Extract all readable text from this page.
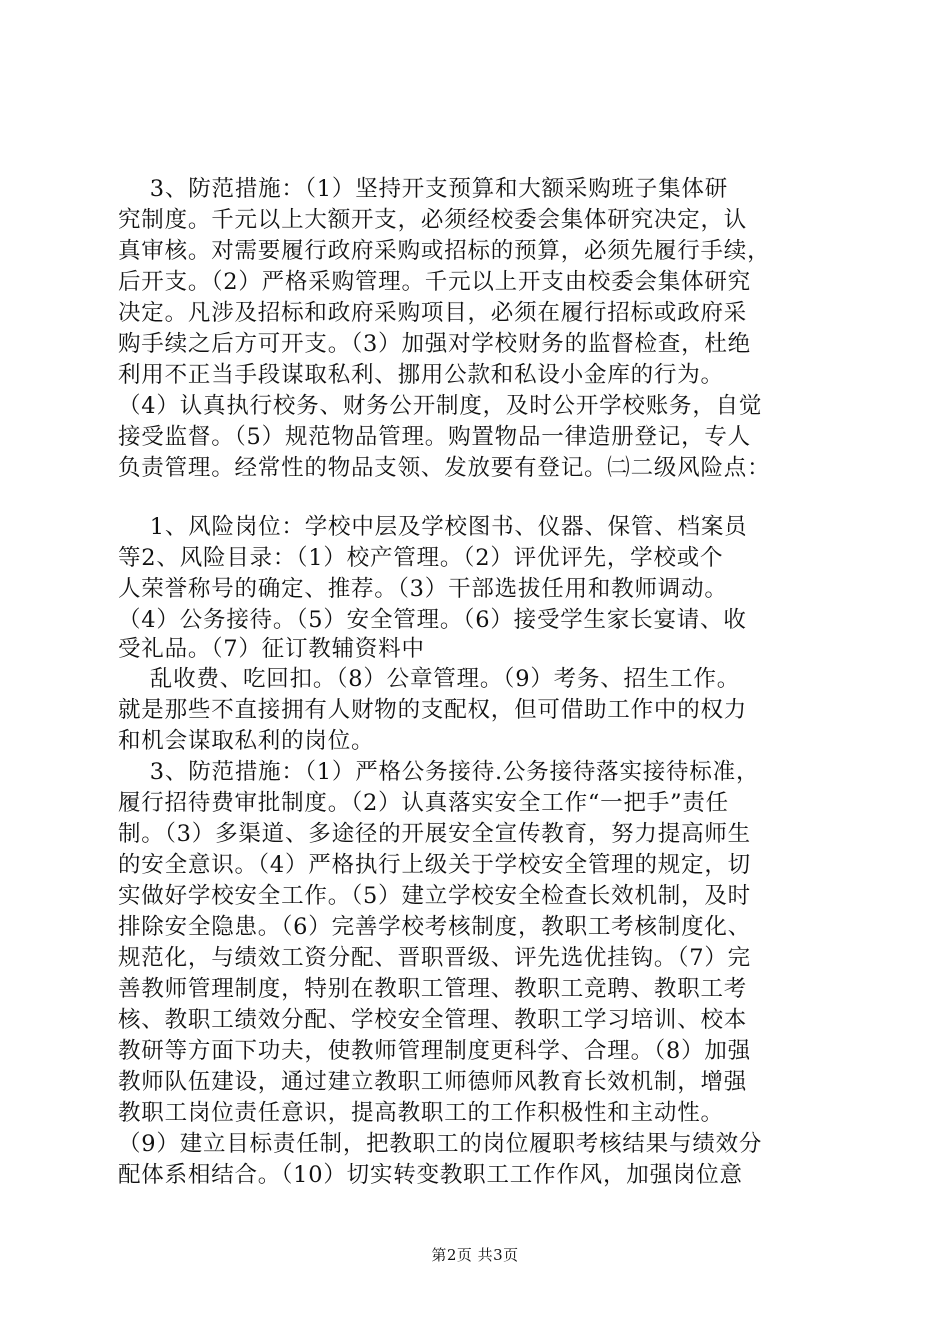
3、防范措施：（1）坚持开支预算和大额采购班子集体研
究制度。千元以上大额开支，必须经校委会集体研究决定，认
真审核。对需要履行政府采购或招标的预算，必须先履行手续，
后开支。（2）严格采购管理。千元以上开支由校委会集体研究
决定。凡涉及招标和政府采购项目，必须在履行招标或政府采
购手续之后方可开支。（3）加强对学校财务的监督检查，杜绝
利用不正当手段谋取私利、挪用公款和私设小金库的行为。
（4）认真执行校务、财务公开制度，及时公开学校账务，自觉
接受监督。（5）规范物品管理。购置物品一律造册登记，专人
负责管理。经常性的物品支领、发放要有登记。㈡二级风险点：
1、风险岗位：学校中层及学校图书、仪器、保管、档案员
等2、风险目录：（1）校产管理。（2）评优评先，学校或个
人荣誉称号的确定、推荐。（3）干部选拔任用和教师调动。
（4）公务接待。（5）安全管理。（6）接受学生家长宴请、收
受礼品。（7）征订教辅资料中
乱收费、吃回扣。（8）公章管理。（9）考务、招生工作。
就是那些不直接拥有人财物的支配权，但可借助工作中的权力
和机会谋取私利的岗位。
3、防范措施：（1）严格公务接待.公务接待落实接待标准，
履行招待费审批制度。（2）认真落实安全工作“一把手”责任
制。（3）多渠道、多途径的开展安全宣传教育，努力提高师生
的安全意识。（4）严格执行上级关于学校安全管理的规定，切
实做好学校安全工作。（5）建立学校安全检查长效机制，及时
排除安全隐患。（6）完善学校考核制度，教职工考核制度化、
规范化，与绩效工资分配、晋职晋级、评先选优挂钩。（7）完
善教师管理制度，特别在教职工管理、教职工竞聘、教职工考
核、教职工绩效分配、学校安全管理、教职工学习培训、校本
教研等方面下功夫，使教师管理制度更科学、合理。（8）加强
教师队伍建设，通过建立教职工师德师风教育长效机制，增强
教职工岗位责任意识，提高教职工的工作积极性和主动性。
（9）建立目标责任制，把教职工的岗位履职考核结果与绩效分
配体系相结合。（10）切实转变教职工工作作风，加强岗位意
第2页 共3页
